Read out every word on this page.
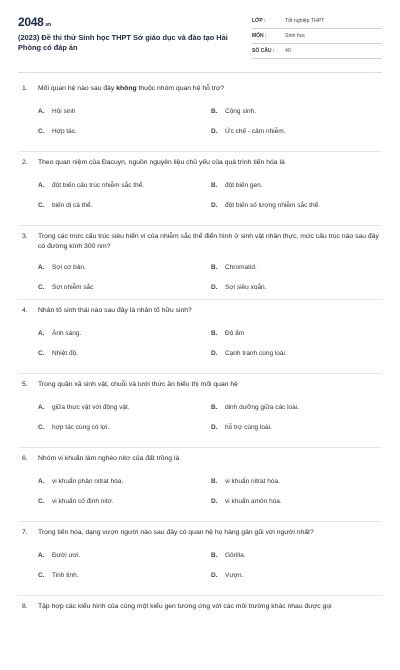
2048.vn
(2023) Đề thi thử Sinh học THPT Sở giáo dục và đào tạo Hải Phòng có đáp án
LỚP :	Tốt nghiệp THPT
MÔN :	Sinh học
SỐ CÂU :	40
1.	Mối quan hệ nào sau đây không thuộc nhóm quan hệ hỗ trợ?
A.	Hội sinh	B.	Cộng sinh.
C.	Hợp tác.	D.	Ức chế - cảm nhiễm.
2.	Theo quan niệm của Đacuyn, nguồn nguyên liệu chủ yếu của quá trình tiến hóa là
A.	đột biến cấu trúc nhiễm sắc thể.	B.	đột biến gen.
C.	biến dị cá thể.	D.	đột biến số lượng nhiễm sắc thể.
3.	Trong các mức cấu trúc siêu hiển vi của nhiễm sắc thể điển hình ở sinh vật nhân thực, mức cấu trúc nào sau đây có đường kính 300 nm?
A.	Sợi cơ bản.	B.	Chromatid.
C.	Sợi nhiễm sắc	D.	Sợi siêu xoắn.
4.	Nhân tố sinh thái nào sau đây là nhân tố hữu sinh?
A.	Ánh sáng.	B.	Độ ẩm
C.	Nhiệt độ.	D.	Cạnh tranh cùng loài.
5.	Trong quần xã sinh vật, chuỗi và lưới thức ăn biểu thị mối quan hệ
A.	giữa thực vật với động vật.	B.	dinh dưỡng giữa các loài.
C.	hợp tác cùng có lợi.	D.	hỗ trợ cùng loài.
6.	Nhóm vi khuẩn làm nghèo nitơ của đất trồng là
A.	vi khuẩn phản nitrat hóa.	B.	vi khuẩn nitrat hóa.
C.	vi khuẩn cố định nitơ.	D.	vi khuẩn amôn hóa.
7.	Trong tiến hóa, dạng vượn người nào sau đây có quan hệ họ hàng gần gũi với người nhất?
A.	Đười ươi.	B.	Gôrilla.
C.	Tinh tinh.	D.	Vượn.
8.	Tập hợp các kiểu hình của cùng một kiểu gen tương ứng với các môi trường khác nhau được gọi
